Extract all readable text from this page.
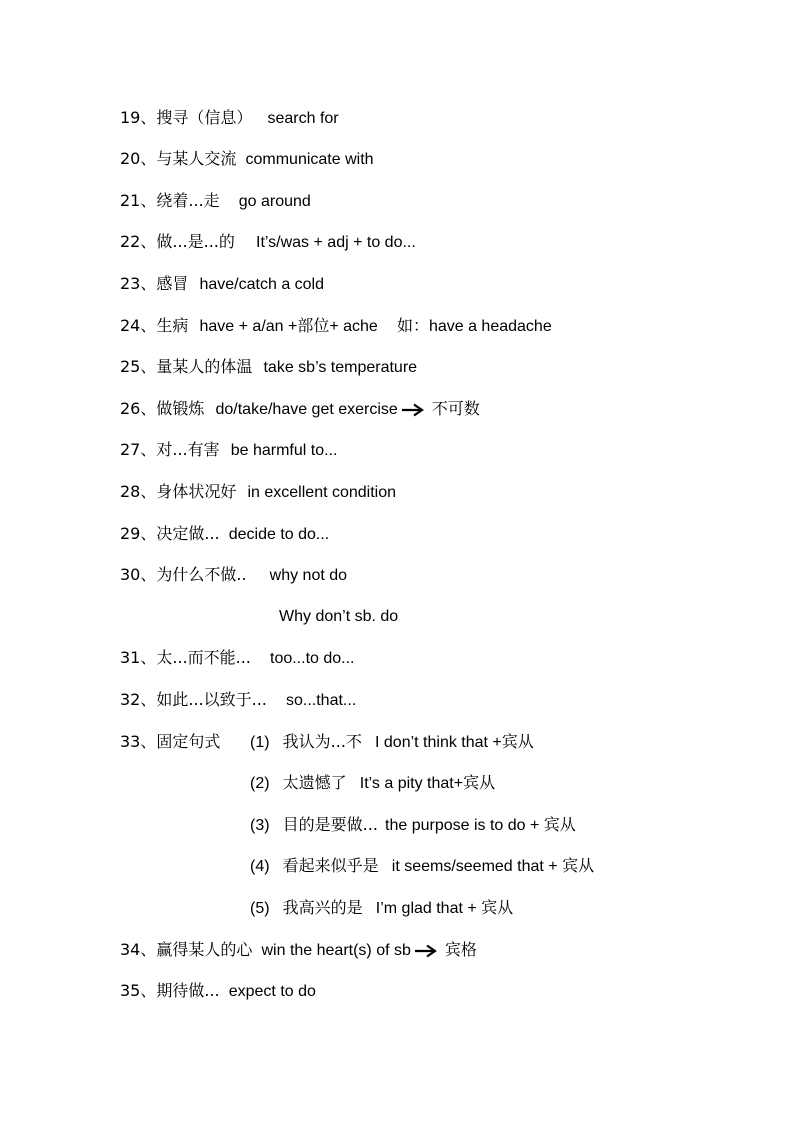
19、搜寻（信息） search for
20、与某人交流 communicate with
21、绕着...走 go around
22、做...是...的 It’s/was + adj + to do...
23、感冒 have/catch a cold
24、生病 have + a/an +部位+ ache 如：have a headache
25、量某人的体温 take sb’s temperature
26、做锻炼 do/take/have get exercise 不可数
27、对...有害 be harmful to...
28、身体状况好 in excellent condition
29、决定做... decide to do...
30、为什么不做.. why not do
Why don’t sb. do
31、太...而不能... too...to do...
32、如此...以致于... so...that...
33、固定句式 (1) 我认为...不 I don’t think that +宾从
(2) 太遗憾了 It’s a pity that+宾从
(3) 目的是要做... the purpose is to do + 宾从
(4) 看起来似乎是 it seems/seemed that + 宾从
(5) 我高兴的是 I’m glad that + 宾从
34、赢得某人的心 win the heart(s) of sb 宾格
35、期待做... expect to do
